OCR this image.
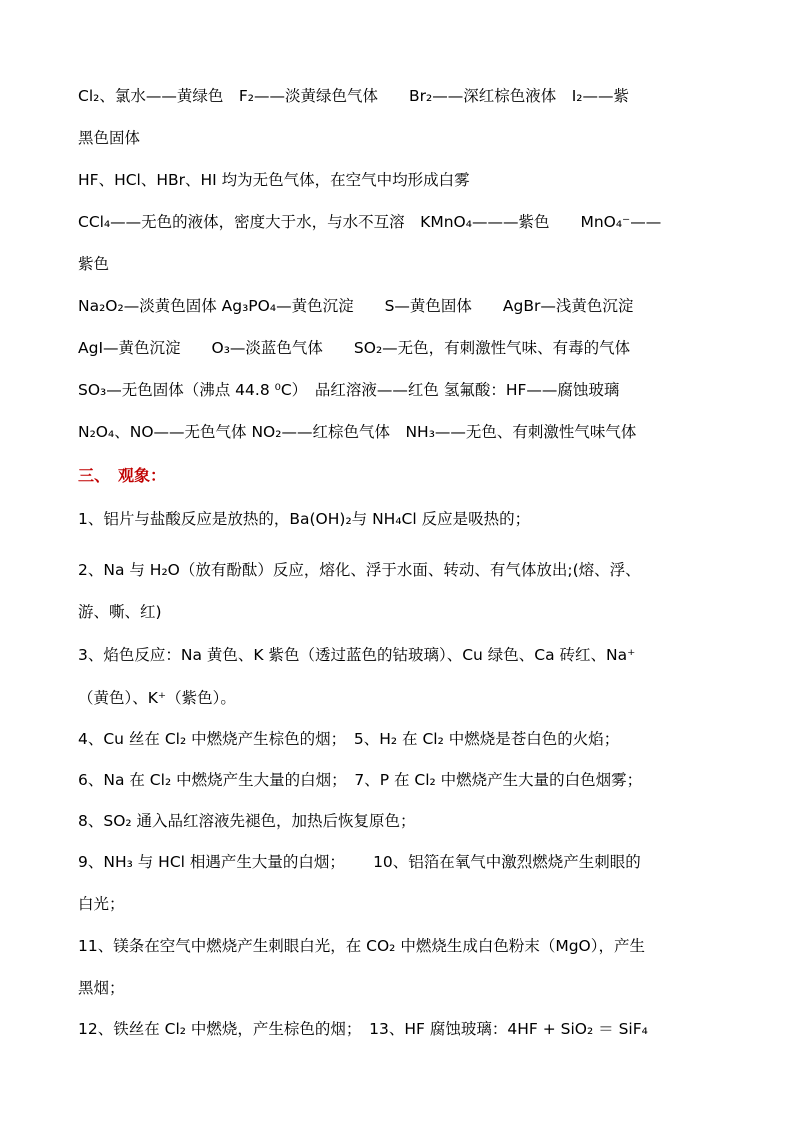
Cl₂、氯水——黄绿色　F₂——淡黄绿色气体　　Br₂——深红棕色液体　I₂——紫
黑色固体
HF、HCl、HBr、HI 均为无色气体，在空气中均形成白雾
CCl₄——无色的液体，密度大于水，与水不互溶　KMnO₄———紫色　　MnO₄⁻——
紫色
Na₂O₂—淡黄色固体 Ag₃PO₄—黄色沉淀　　S—黄色固体　　AgBr—浅黄色沉淀
AgI—黄色沉淀　　O₃—淡蓝色气体　　SO₂—无色，有刺激性气味、有毒的气体
SO₃—无色固体（沸点 44.8 ⁰C）　品红溶液——红色 氢氟酸：HF——腐蚀玻璃
N₂O₄、NO——无色气体 NO₂——红棕色气体　NH₃——无色、有刺激性气味气体
1、铝片与盐酸反应是放热的，Ba(OH)₂与 NH₄Cl 反应是吸热的；
2、Na 与 H₂O（放有酚酞）反应，熔化、浮于水面、转动、有气体放出;(熔、浮、
游、嘶、红)
3、焰色反应：Na 黄色、K 紫色（透过蓝色的钴玻璃）、Cu 绿色、Ca 砖红、Na⁺
（黄色）、K⁺（紫色）。
4、Cu 丝在 Cl₂ 中燃烧产生棕色的烟；　5、H₂ 在 Cl₂ 中燃烧是苍白色的火焰；
6、Na 在 Cl₂ 中燃烧产生大量的白烟；　7、P 在 Cl₂ 中燃烧产生大量的白色烟雾；
8、SO₂ 通入品红溶液先褪色，加热后恢复原色；
9、NH₃ 与 HCl 相遇产生大量的白烟；　　 10、铝箔在氧气中激烈燃烧产生刺眼的
白光；
11、镁条在空气中燃烧产生刺眼白光，在 CO₂ 中燃烧生成白色粉末（MgO），产生
黑烟；
12、铁丝在 Cl₂ 中燃烧，产生棕色的烟；　13、HF 腐蚀玻璃：4HF + SiO₂ ＝ SiF₄
三、　观象：
